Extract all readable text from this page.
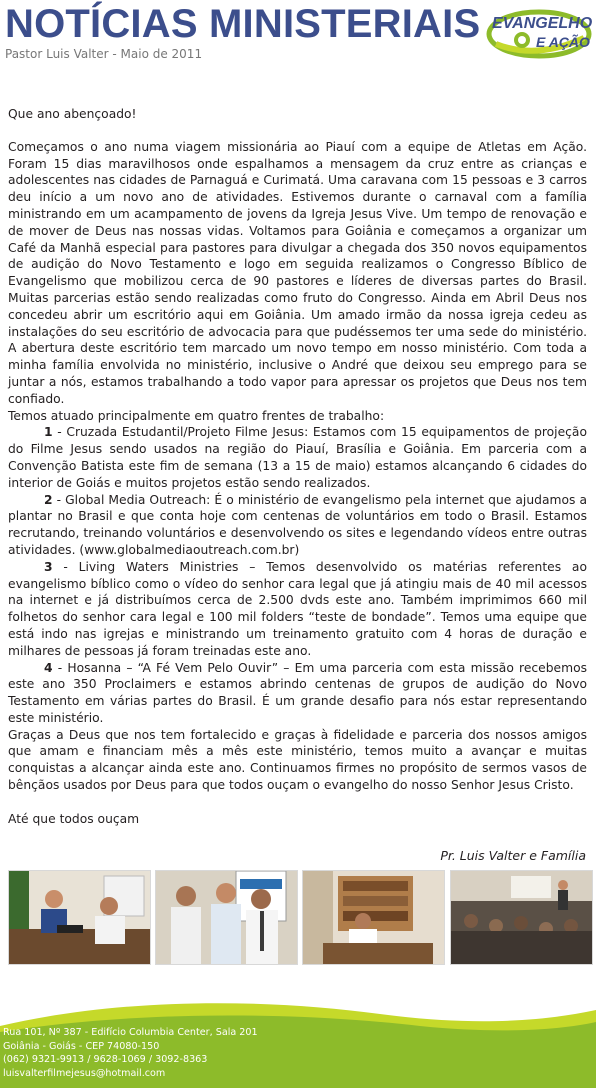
NOTÍCIAS MINISTERIAIS
Pastor Luis Valter - Maio de 2011
EVANGELHO
E AÇÃO

Que ano abençoado!

Começamos o ano numa viagem missionária ao Piauí com a equipe de Atletas em Ação. Foram 15 dias maravilhosos onde espalhamos a mensagem da cruz entre as crianças e adolescentes nas cidades de Parnaguá e Curimatá. Uma caravana com 15 pessoas e 3 carros deu início a um novo ano de atividades. Estivemos durante o carnaval com a família ministrando em um acampamento de jovens da Igreja Jesus Vive. Um tempo de renovação e de mover de Deus nas nossas vidas. Voltamos para Goiânia e começamos a organizar um Café da Manhã especial para pastores para divulgar a chegada dos 350 novos equipamentos de audição do Novo Testamento e logo em seguida realizamos o Congresso Bíblico de Evangelismo que mobilizou cerca de 90 pastores e líderes de diversas partes do Brasil. Muitas parcerias estão sendo realizadas como fruto do Congresso. Ainda em Abril Deus nos concedeu abrir um escritório aqui em Goiânia. Um amado irmão da nossa igreja cedeu as instalações do seu escritório de advocacia para que pudéssemos ter uma sede do ministério. A abertura deste escritório tem marcado um novo tempo em nosso ministério. Com toda a minha família envolvida no ministério, inclusive o André que deixou seu emprego para se juntar a nós, estamos trabalhando a todo vapor para apressar os projetos que Deus nos tem confiado.

Temos atuado principalmente em quatro frentes de trabalho:

1 - Cruzada Estudantil/Projeto Filme Jesus: Estamos com 15 equipamentos de projeção do Filme Jesus sendo usados na região do Piauí, Brasília e Goiânia. Em parceria com a Convenção Batista este fim de semana (13 a 15 de maio) estamos alcançando 6 cidades do interior de Goiás e muitos projetos estão sendo realizados.

2 - Global Media Outreach: É o ministério de evangelismo pela internet que ajudamos a plantar no Brasil e que conta hoje com centenas de voluntários em todo o Brasil. Estamos recrutando, treinando voluntários e desenvolvendo os sites e legendando vídeos entre outras atividades. (www.globalmediaoutreach.com.br)

3 - Living Waters Ministries – Temos desenvolvido os matérias referentes ao evangelismo bíblico como o vídeo do senhor cara legal que já atingiu mais de 40 mil acessos na internet e já distribuímos cerca de 2.500 dvds este ano. Também imprimimos 660 mil folhetos do senhor cara legal e 100 mil folders “teste de bondade”. Temos uma equipe que está indo nas igrejas e ministrando um treinamento gratuito com 4 horas de duração e milhares de pessoas já foram treinadas este ano.

4 - Hosanna – “A Fé Vem Pelo Ouvir” – Em uma parceria com esta missão recebemos este ano 350 Proclaimers e estamos abrindo centenas de grupos de audição do Novo Testamento em várias partes do Brasil. É um grande desafio para nós estar representando este ministério.

Graças a Deus que nos tem fortalecido e graças à fidelidade e parceria dos nossos amigos que amam e financiam mês a mês este ministério, temos muito a avançar e muitas conquistas a alcançar ainda este ano. Continuamos firmes no propósito de sermos vasos de bênçãos usados por Deus para que todos ouçam o evangelho do nosso Senhor Jesus Cristo.

Até que todos ouçam

Pr. Luis Valter e Família
Rua 101, Nº 387 - Edifício Columbia Center, Sala 201
Goiânia - Goiás - CEP 74080-150
(062) 9321-9913 / 9628-1069 / 3092-8363
luisvalterfilmejesus@hotmail.com
